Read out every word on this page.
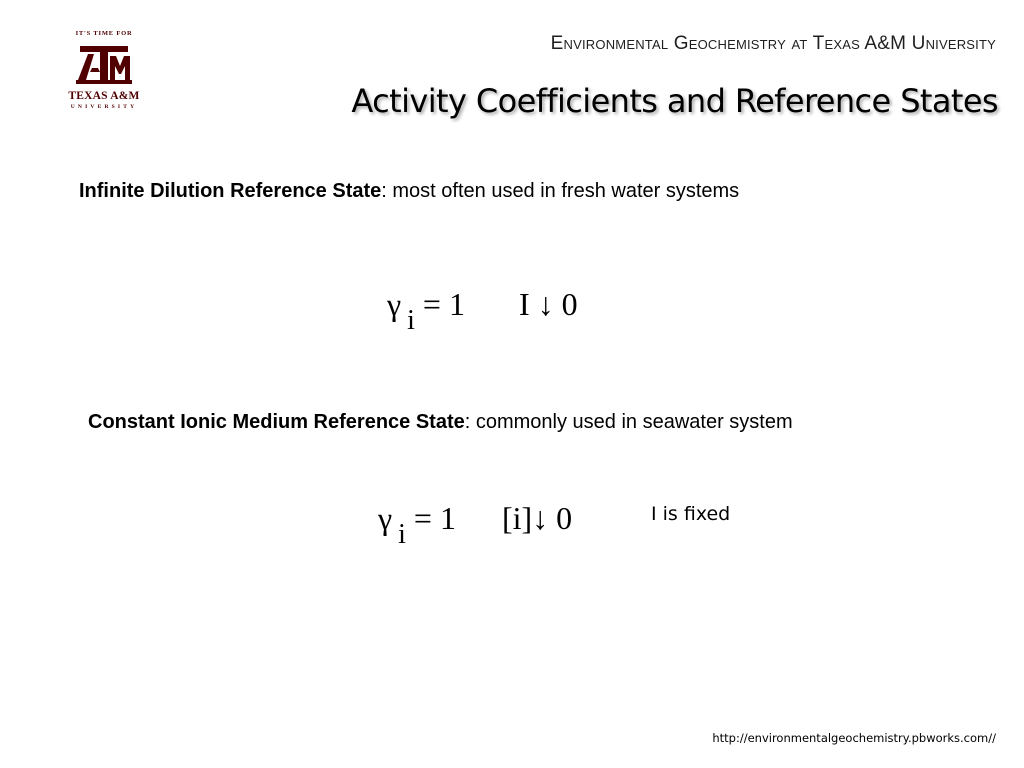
IT'S TIME FOR
TEXAS A&M
UNIVERSITY
Environmental Geochemistry at Texas A&M University
Activity Coefficients and Reference States
Infinite Dilution Reference State: most often used in fresh water systems
γ i = 1 I ↓ 0
Constant Ionic Medium Reference State: commonly used in seawater system
γ i = 1 [i]↓ 0	I is fixed
http://environmentalgeochemistry.pbworks.com//
